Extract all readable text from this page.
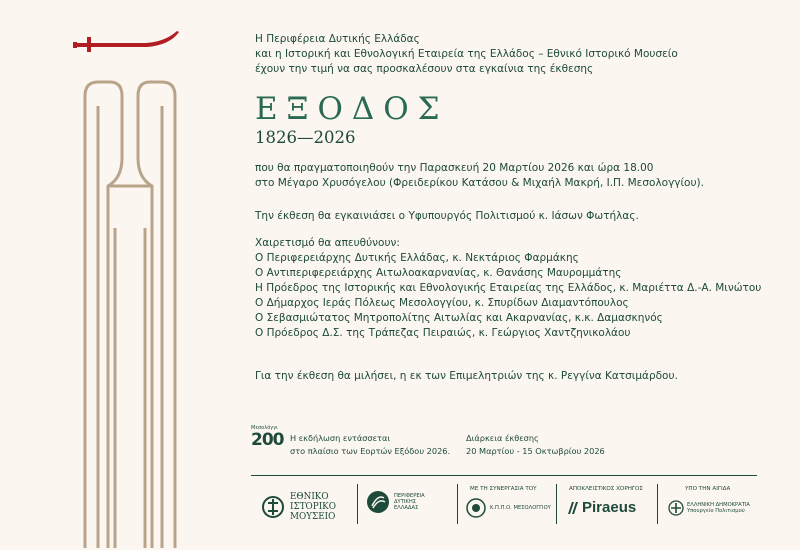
Η Περιφέρεια Δυτικής Ελλάδας
και η Ιστορική και Εθνολογική Εταιρεία της Ελλάδος – Εθνικό Ιστορικό Μουσείο
έχουν την τιμή να σας προσκαλέσουν στα εγκαίνια της έκθεσης
ΕΞΟΔΟΣ
1826—2026
που θα πραγματοποιηθούν την Παρασκευή 20 Μαρτίου 2026 και ώρα 18.00
στο Μέγαρο Χρυσόγελου (Φρειδερίκου Κατάσου & Μιχαήλ Μακρή, Ι.Π. Μεσολογγίου).
Την έκθεση θα εγκαινιάσει ο Υφυπουργός Πολιτισμού κ. Ιάσων Φωτήλας.
Χαιρετισμό θα απευθύνουν:
Ο Περιφερειάρχης Δυτικής Ελλάδας, κ. Νεκτάριος Φαρμάκης
Ο Αντιπεριφερειάρχης Αιτωλοακαρνανίας, κ. Θανάσης Μαυρομμάτης
Η Πρόεδρος της Ιστορικής και Εθνολογικής Εταιρείας της Ελλάδος, κ. Μαριέττα Δ.-Α. Μινώτου
Ο Δήμαρχος Ιεράς Πόλεως Μεσολογγίου, κ. Σπυρίδων Διαμαντόπουλος
Ο Σεβασμιώτατος Μητροπολίτης Αιτωλίας και Ακαρνανίας, κ.κ. Δαμασκηνός
Ο Πρόεδρος Δ.Σ. της Τράπεζας Πειραιώς, κ. Γεώργιος Χαντζηνικολάου
Για την έκθεση θα μιλήσει, η εκ των Επιμελητριών της κ. Ρεγγίνα Κατσιμάρδου.
Μεσολόγγι
200 Η εκδήλωση εντάσσεται
στο πλαίσιο των Εορτών Εξόδου 2026.
Διάρκεια έκθεσης
20 Μαρτίου - 15 Οκτωβρίου 2026
ΕΘΝΙΚΟ
ΙΣΤΟΡΙΚΟ
ΜΟΥΣΕΙΟ
ΠΕΡΙΦΕΡΕΙΑ
ΔΥΤΙΚΗΣ
ΕΛΛΑΔΑΣ
ΜΕ ΤΗ ΣΥΝΕΡΓΑΣΙΑ ΤΟΥ
Κ.Π.Π.Ο. ΜΕΣΟΛΟΓΓΙΟΥ
ΑΠΟΚΛΕΙΣΤΙΚΟΣ ΧΟΡΗΓΟΣ
Piraeus
ΥΠΟ ΤΗΝ ΑΙΓΙΔΑ
ΕΛΛΗΝΙΚΗ ΔΗΜΟΚΡΑΤΙΑ
Υπουργείο Πολιτισμού
